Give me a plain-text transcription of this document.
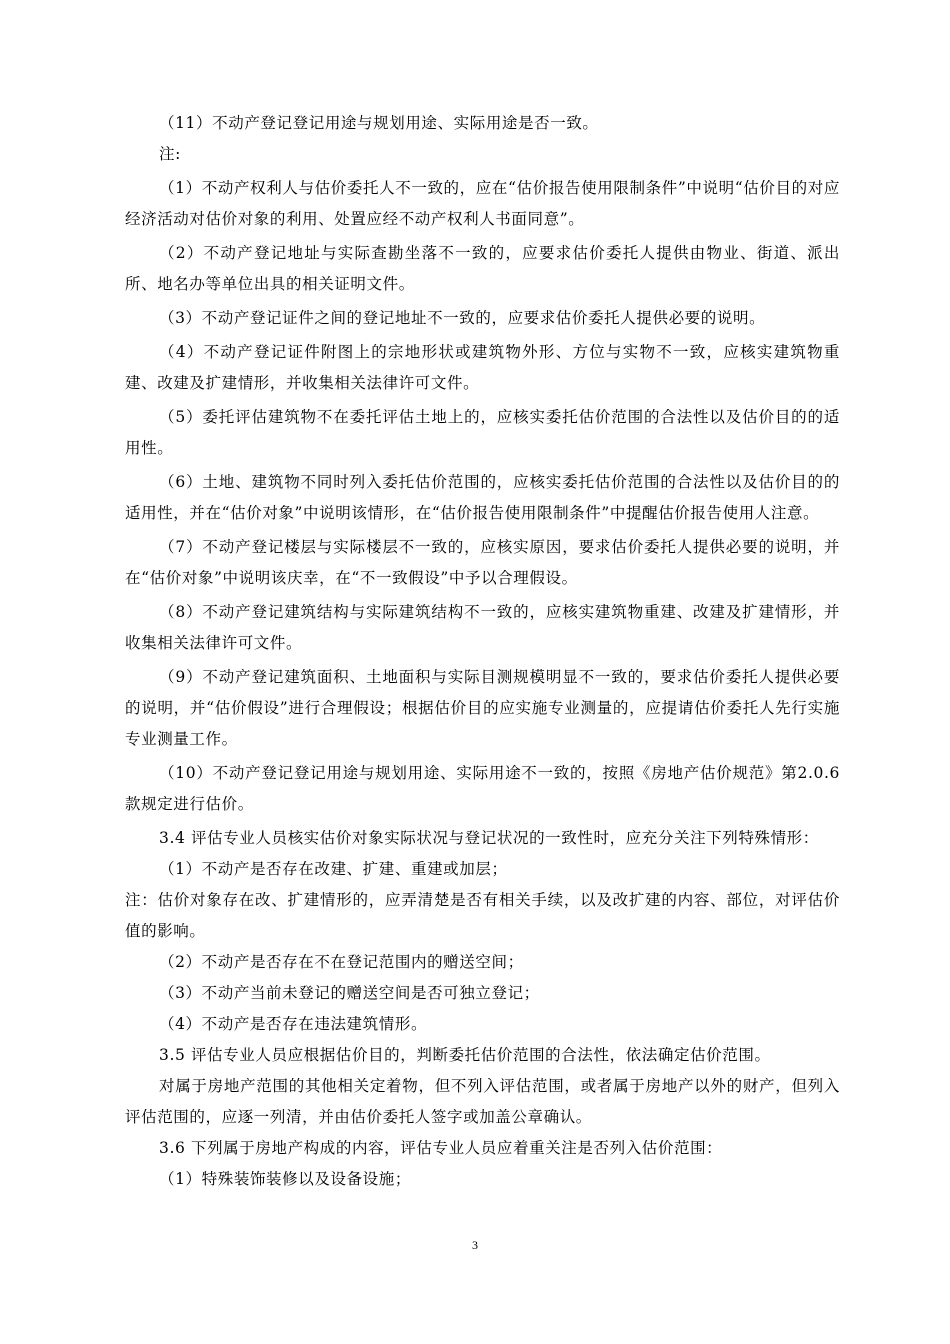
（11）不动产登记登记用途与规划用途、实际用途是否一致。

注:

（1）不动产权利人与估价委托人不一致的，应在“估价报告使用限制条件”中说明“估价目的对应经济活动对估价对象的利用、处置应经不动产权利人书面同意”。

（2）不动产登记地址与实际查勘坐落不一致的，应要求估价委托人提供由物业、街道、派出所、地名办等单位出具的相关证明文件。

（3）不动产登记证件之间的登记地址不一致的，应要求估价委托人提供必要的说明。

（4）不动产登记证件附图上的宗地形状或建筑物外形、方位与实物不一致，应核实建筑物重建、改建及扩建情形，并收集相关法律许可文件。

（5）委托评估建筑物不在委托评估土地上的，应核实委托估价范围的合法性以及估价目的的适用性。

（6）土地、建筑物不同时列入委托估价范围的，应核实委托估价范围的合法性以及估价目的的适用性，并在“估价对象”中说明该情形，在“估价报告使用限制条件”中提醒估价报告使用人注意。

（7）不动产登记楼层与实际楼层不一致的，应核实原因，要求估价委托人提供必要的说明，并在“估价对象”中说明该庆幸，在“不一致假设”中予以合理假设。

（8）不动产登记建筑结构与实际建筑结构不一致的，应核实建筑物重建、改建及扩建情形，并收集相关法律许可文件。

（9）不动产登记建筑面积、土地面积与实际目测规模明显不一致的，要求估价委托人提供必要的说明，并“估价假设”进行合理假设；根据估价目的应实施专业测量的，应提请估价委托人先行实施专业测量工作。

（10）不动产登记登记用途与规划用途、实际用途不一致的，按照《房地产估价规范》第2.0.6款规定进行估价。

3.4 评估专业人员核实估价对象实际状况与登记状况的一致性时，应充分关注下列特殊情形：

（1）不动产是否存在改建、扩建、重建或加层；

注：估价对象存在改、扩建情形的，应弄清楚是否有相关手续，以及改扩建的内容、部位，对评估价值的影响。

（2）不动产是否存在不在登记范围内的赠送空间；

（3）不动产当前未登记的赠送空间是否可独立登记；

（4）不动产是否存在违法建筑情形。

3.5 评估专业人员应根据估价目的，判断委托估价范围的合法性，依法确定估价范围。

对属于房地产范围的其他相关定着物，但不列入评估范围，或者属于房地产以外的财产，但列入评估范围的，应逐一列清，并由估价委托人签字或加盖公章确认。

3.6 下列属于房地产构成的内容，评估专业人员应着重关注是否列入估价范围：

（1）特殊装饰装修以及设备设施；

3
